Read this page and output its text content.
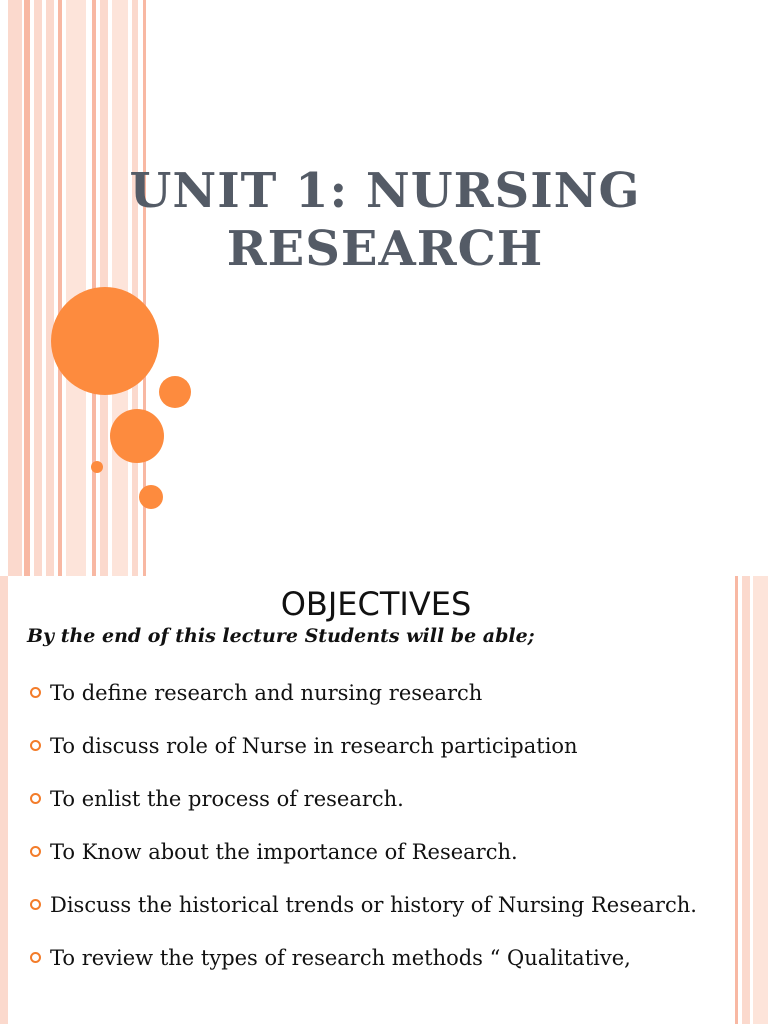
UNIT 1: NURSING
RESEARCH
OBJECTIVES

By the end of this lecture Students will be able;

To define research and nursing research
To discuss role of Nurse in research participation
To enlist the process of research.
To Know about the importance of Research.
Discuss the historical trends or history of Nursing Research.
To review the types of research methods “ Qualitative,
